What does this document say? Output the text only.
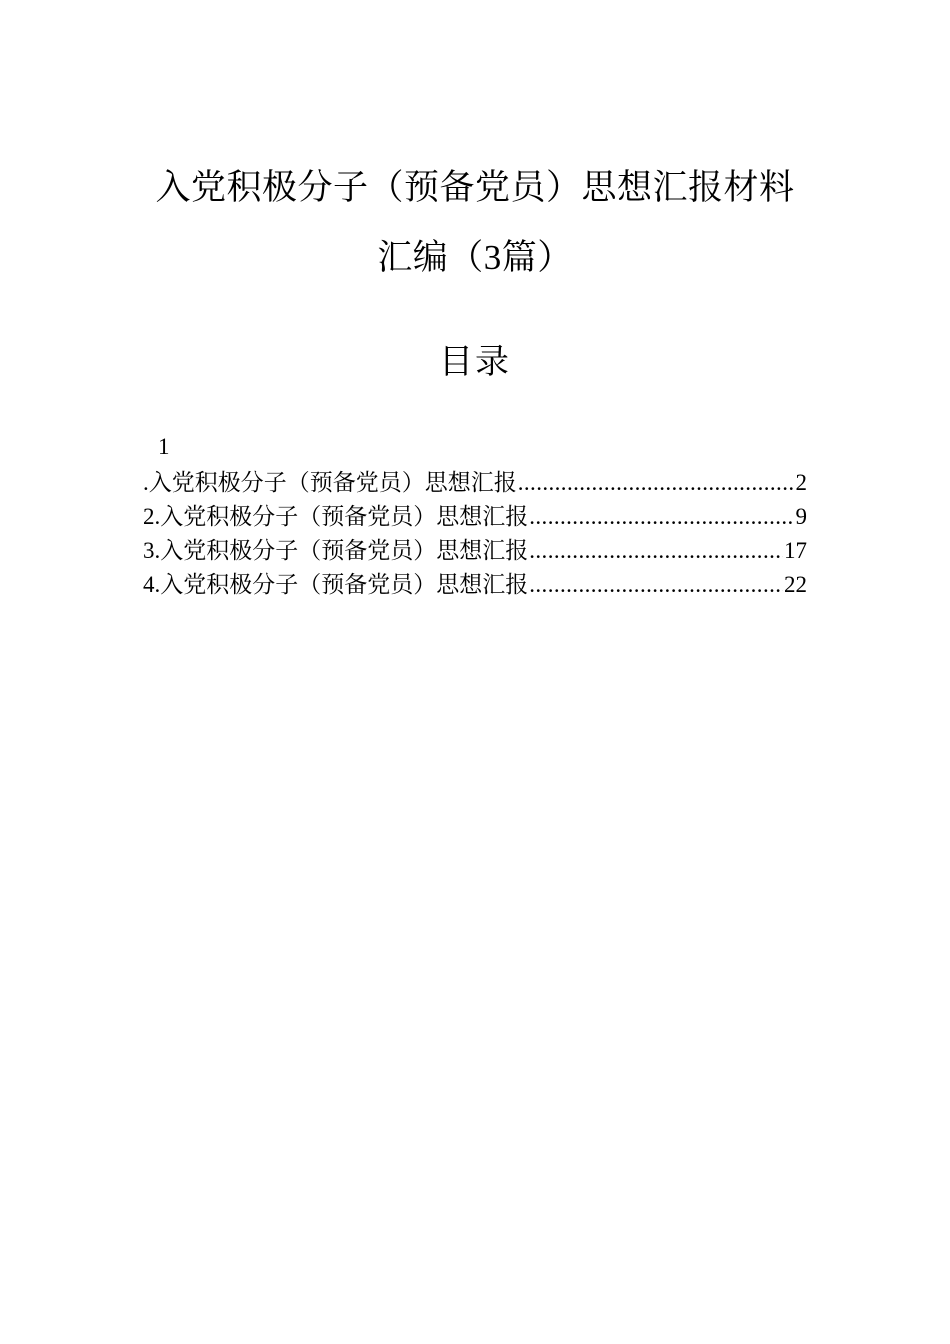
入党积极分子（预备党员）思想汇报材料
汇编（3篇）
目录
1
. 入党积极分子（预备党员）思想汇报 .....	2
2. 入党积极分子（预备党员）思想汇报 .....	9
3. 入党积极分子（预备党员）思想汇报 .....	17
4. 入党积极分子（预备党员）思想汇报 .....	22
